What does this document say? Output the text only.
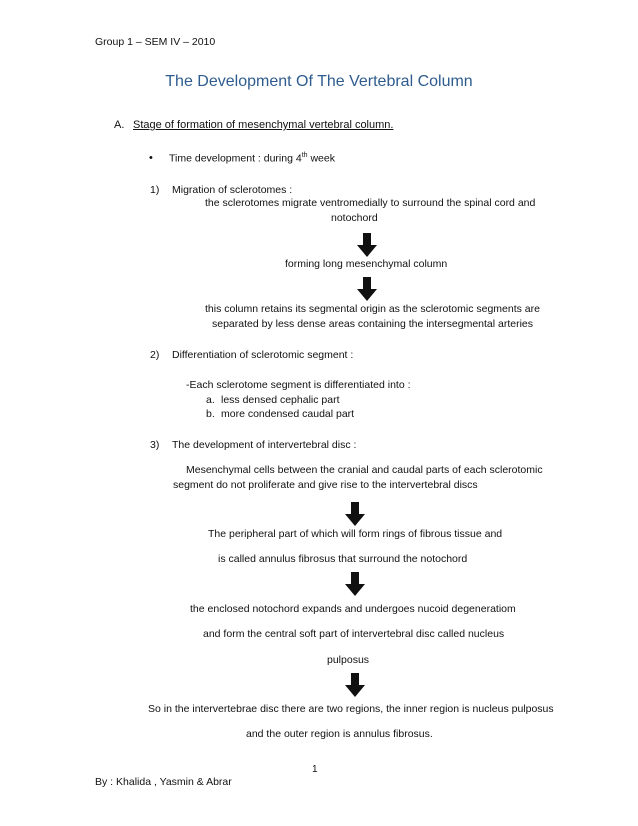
Group 1 – SEM IV – 2010
The Development Of The Vertebral Column
A. Stage of formation of mesenchymal vertebral column.
• Time development : during 4th week
1) Migration of sclerotomes :
the sclerotomes migrate ventromedially to surround the spinal cord and
notochord
forming long mesenchymal column
this column retains its segmental origin as the sclerotomic segments are
separated by less dense areas containing the intersegmental arteries
2) Differentiation of sclerotomic segment :
-Each sclerotome segment is differentiated into :
a. less densed cephalic part
b. more condensed caudal part
3) The development of intervertebral disc :
Mesenchymal cells between the cranial and caudal parts of each sclerotomic
segment do not proliferate and give rise to the intervertebral discs
The peripheral part of which will form rings of fibrous tissue and
is called annulus fibrosus that surround the notochord
the enclosed notochord expands and undergoes nucoid degeneratiom
and form the central soft part of intervertebral disc called nucleus
pulposus
So in the intervertebrae disc there are two regions, the inner region is nucleus pulposus
and the outer region is annulus fibrosus.
1
By : Khalida , Yasmin & Abrar
